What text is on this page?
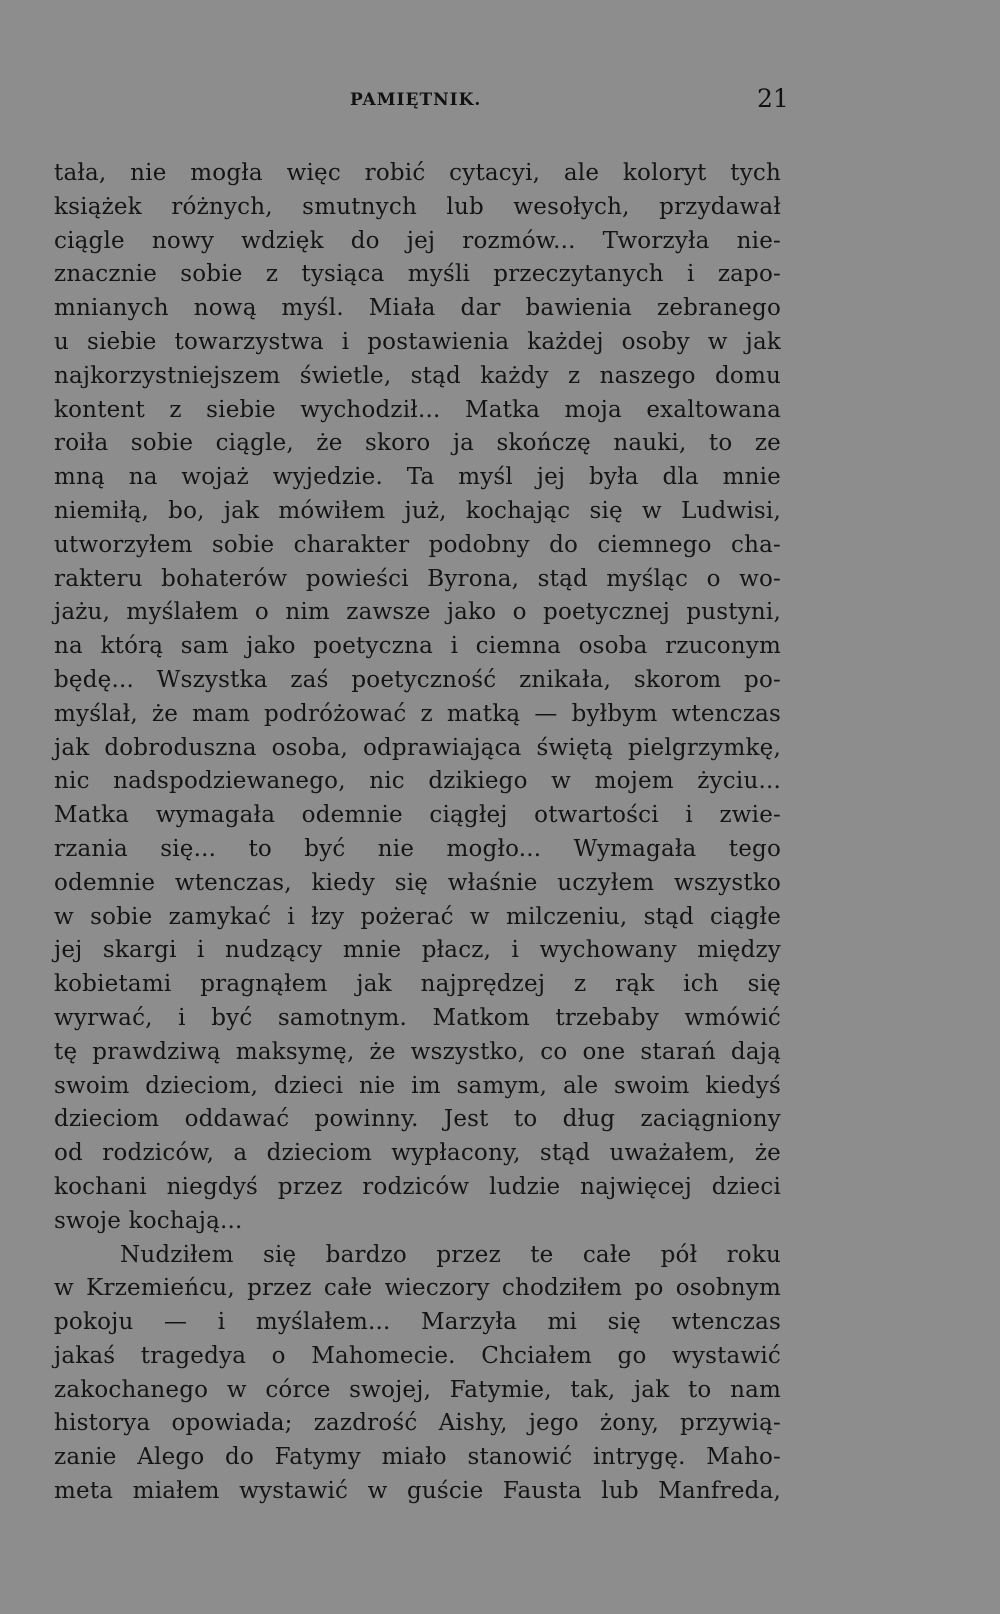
PAMIĘTNIK.	21
tała, nie mogła więc robić cytacyi, ale koloryt tych
książek różnych, smutnych lub wesołych, przydawał
ciągle nowy wdzięk do jej rozmów... Tworzyła nie-
znacznie sobie z tysiąca myśli przeczytanych i zapo-
mnianych nową myśl. Miała dar bawienia zebranego
u siebie towarzystwa i postawienia każdej osoby w jak
najkorzystniejszem świetle, stąd każdy z naszego domu
kontent z siebie wychodził... Matka moja exaltowana
roiła sobie ciągle, że skoro ja skończę nauki, to ze
mną na wojaż wyjedzie. Ta myśl jej była dla mnie
niemiłą, bo, jak mówiłem już, kochając się w Ludwisi,
utworzyłem sobie charakter podobny do ciemnego cha-
rakteru bohaterów powieści Byrona, stąd myśląc o wo-
jażu, myślałem o nim zawsze jako o poetycznej pustyni,
na którą sam jako poetyczna i ciemna osoba rzuconym
będę... Wszystka zaś poetyczność znikała, skorom po-
myślał, że mam podróżować z matką — byłbym wtenczas
jak dobroduszna osoba, odprawiająca świętą pielgrzymkę,
nic nadspodziewanego, nic dzikiego w mojem życiu...
Matka wymagała odemnie ciągłej otwartości i zwie-
rzania się... to być nie mogło... Wymagała tego
odemnie wtenczas, kiedy się właśnie uczyłem wszystko
w sobie zamykać i łzy pożerać w milczeniu, stąd ciągłe
jej skargi i nudzący mnie płacz, i wychowany między
kobietami pragnąłem jak najprędzej z rąk ich się
wyrwać, i być samotnym. Matkom trzebaby wmówić
tę prawdziwą maksymę, że wszystko, co one starań dają
swoim dzieciom, dzieci nie im samym, ale swoim kiedyś
dzieciom oddawać powinny. Jest to dług zaciągniony
od rodziców, a dzieciom wypłacony, stąd uważałem, że
kochani niegdyś przez rodziców ludzie najwięcej dzieci
swoje kochają...
Nudziłem się bardzo przez te całe pół roku
w Krzemieńcu, przez całe wieczory chodziłem po osobnym
pokoju — i myślałem... Marzyła mi się wtenczas
jakaś tragedya o Mahomecie. Chciałem go wystawić
zakochanego w córce swojej, Fatymie, tak, jak to nam
historya opowiada; zazdrość Aishy, jego żony, przywią-
zanie Alego do Fatymy miało stanowić intrygę. Maho-
meta miałem wystawić w guście Fausta lub Manfreda,
